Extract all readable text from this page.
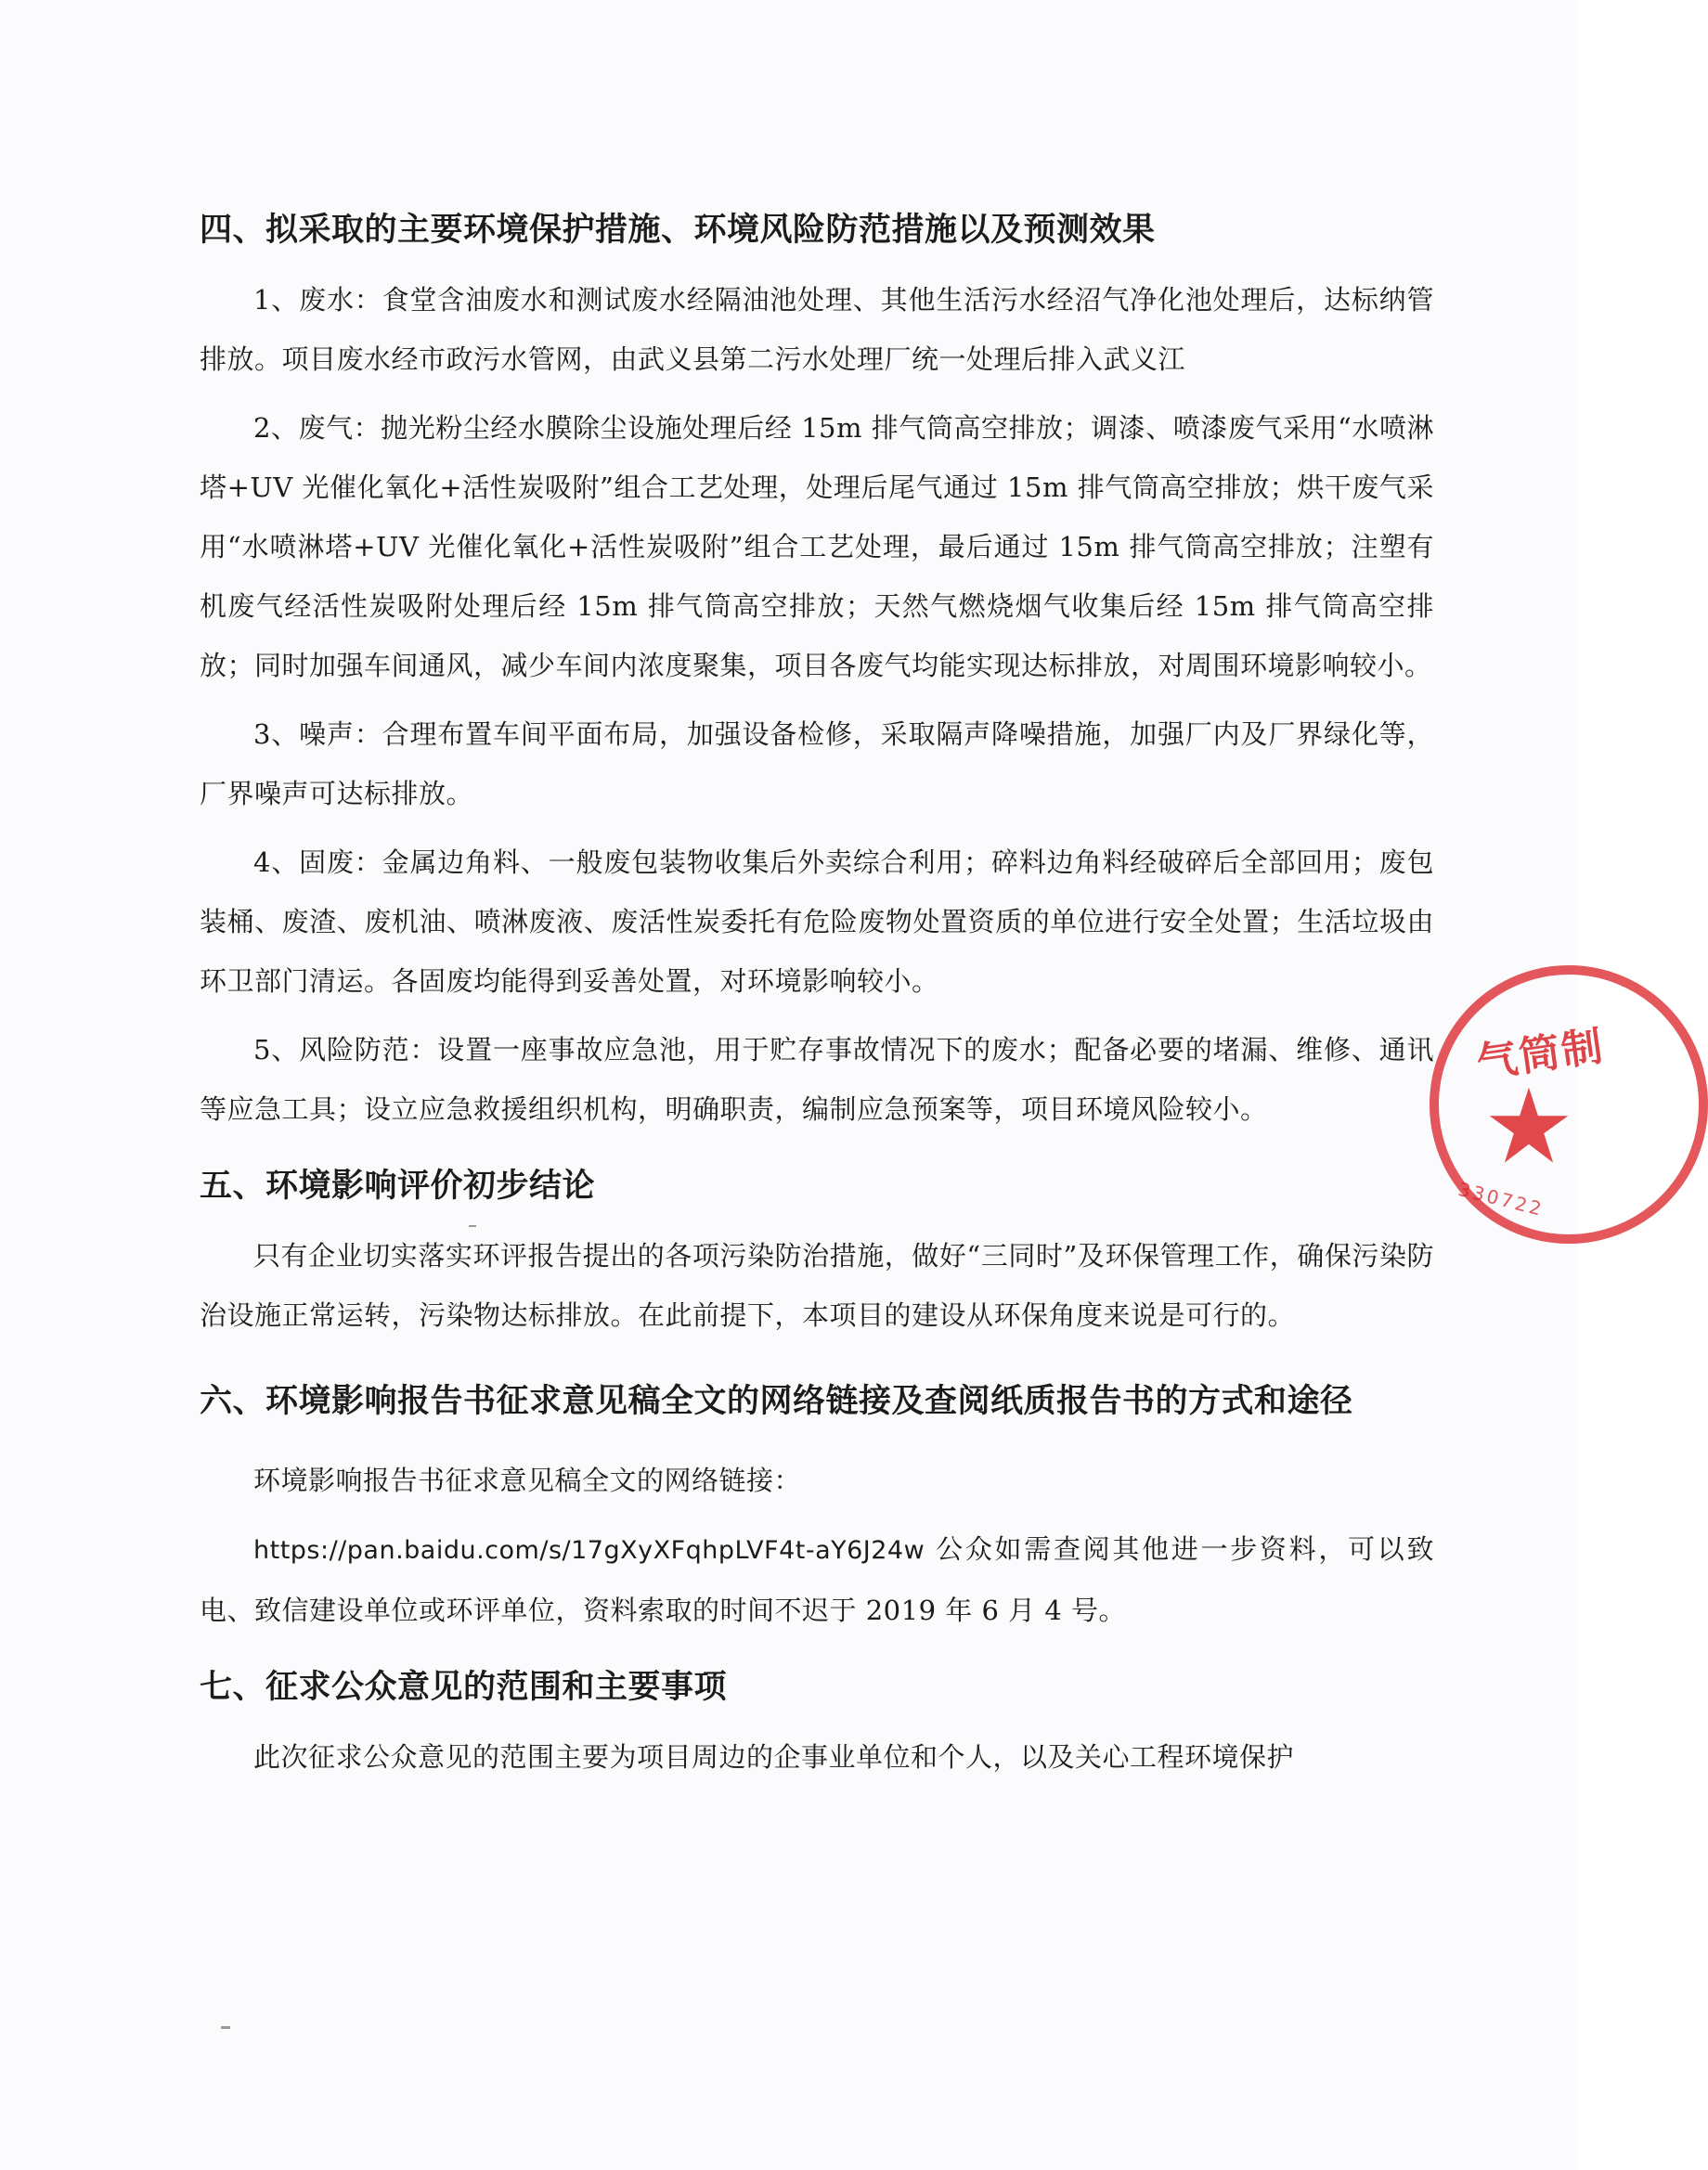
四、拟采取的主要环境保护措施、环境风险防范措施以及预测效果

1、废水：食堂含油废水和测试废水经隔油池处理、其他生活污水经沼气净化池处理后，达标纳管排放。项目废水经市政污水管网，由武义县第二污水处理厂统一处理后排入武义江

2、废气：抛光粉尘经水膜除尘设施处理后经 15m 排气筒高空排放；调漆、喷漆废气采用“水喷淋塔+UV 光催化氧化+活性炭吸附”组合工艺处理，处理后尾气通过 15m 排气筒高空排放；烘干废气采用“水喷淋塔+UV 光催化氧化+活性炭吸附”组合工艺处理，最后通过 15m 排气筒高空排放；注塑有机废气经活性炭吸附处理后经 15m 排气筒高空排放；天然气燃烧烟气收集后经 15m 排气筒高空排放；同时加强车间通风，减少车间内浓度聚集，项目各废气均能实现达标排放，对周围环境影响较小。

3、噪声：合理布置车间平面布局，加强设备检修，采取隔声降噪措施，加强厂内及厂界绿化等，厂界噪声可达标排放。

4、固废：金属边角料、一般废包装物收集后外卖综合利用；碎料边角料经破碎后全部回用；废包装桶、废渣、废机油、喷淋废液、废活性炭委托有危险废物处置资质的单位进行安全处置；生活垃圾由环卫部门清运。各固废均能得到妥善处置，对环境影响较小。

5、风险防范：设置一座事故应急池，用于贮存事故情况下的废水；配备必要的堵漏、维修、通讯等应急工具；设立应急救援组织机构，明确职责，编制应急预案等，项目环境风险较小。

五、环境影响评价初步结论

只有企业切实落实环评报告提出的各项污染防治措施，做好“三同时”及环保管理工作，确保污染防治设施正常运转，污染物达标排放。在此前提下，本项目的建设从环保角度来说是可行的。

六、环境影响报告书征求意见稿全文的网络链接及查阅纸质报告书的方式和途径

环境影响报告书征求意见稿全文的网络链接：

https://pan.baidu.com/s/17gXyXFqhpLVF4t-aY6J24w 公众如需查阅其他进一步资料，可以致电、致信建设单位或环评单位，资料索取的时间不迟于 2019 年 6 月 4 号。

七、征求公众意见的范围和主要事项

此次征求公众意见的范围主要为项目周边的企事业单位和个人，以及关心工程环境保护

气筒制
330722
